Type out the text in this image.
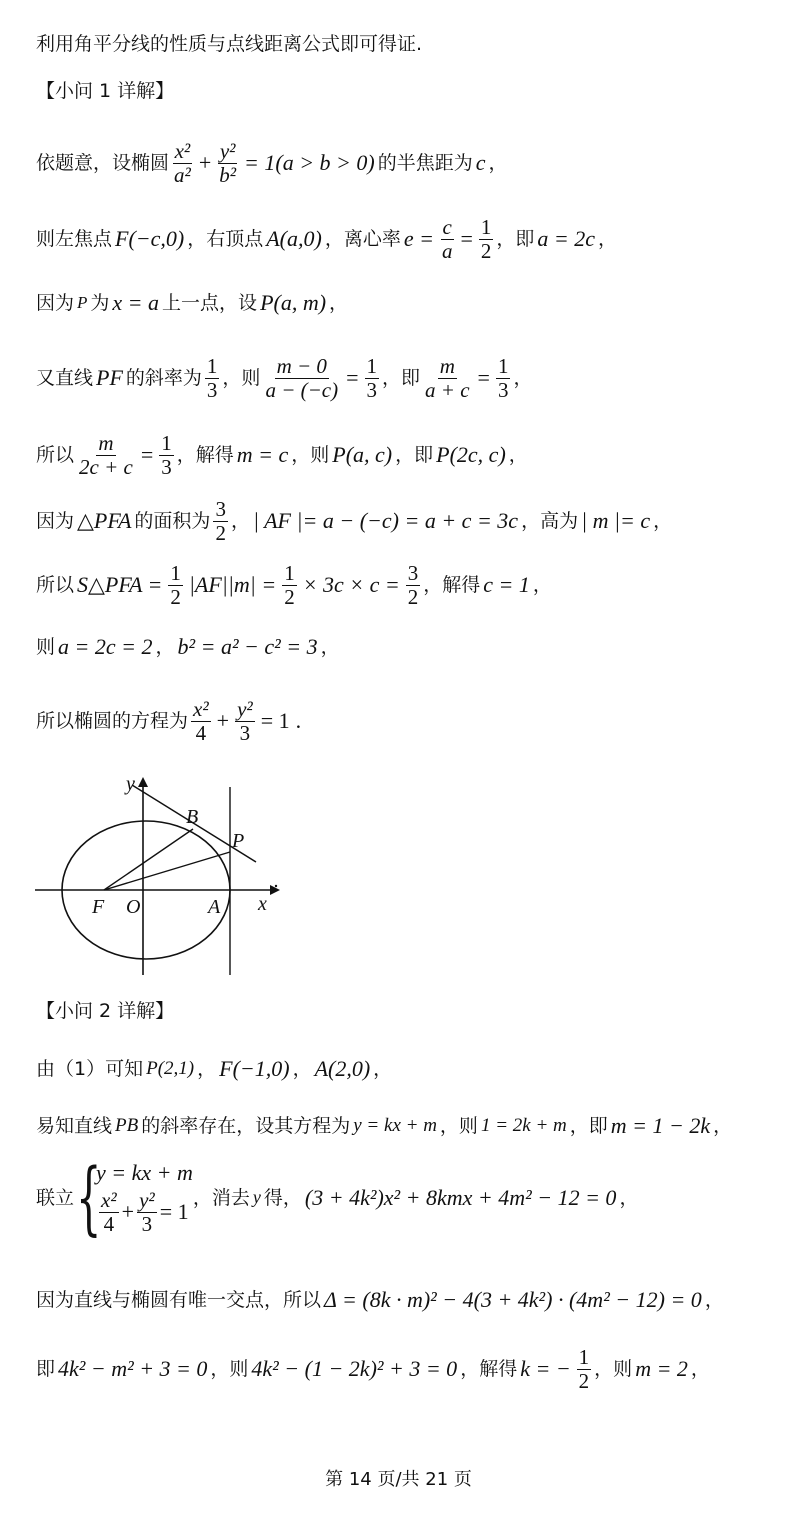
利用角平分线的性质与点线距离公式即可得证.
【小问 1 详解】
依题意，设椭圆 $\frac{\text{x²}}{\text{a²}} + \frac{\text{y²}}{\text{b²}} = 1(a > b > 0)$ 的半焦距为 c ，
则左焦点 F(−c,0) ，右顶点 A(a,0) ，离心率 $e = \frac{c}{a} = \frac{1}{2}$ ，即 a = 2c ，
因为 P 为 x = a 上一点，设 P(a, m) ，
又直线 PF 的斜率为 $\frac{1}{3}$ ，则 $\frac{m - 0}{a - (-c)} = \frac{1}{3}$ ，即 $\frac{m}{a + c} = \frac{1}{3}$ ，
所以 $\frac{m}{2c + c} = \frac{1}{3}$ ，解得 m = c ，则 P(a, c) ，即 P(2c, c) ，
因为 △PFA 的面积为 $\frac{3}{2}$ ， | AF |= a − (−c) = a + c = 3c ，高为 | m |= c ，
所以 S△PFA = $\frac{1}{2} |AF||m| = \frac{1}{2} \times 3c \times c = \frac{3}{2}$ ，解得 c = 1 ，
则 a = 2c = 2 ， b² = a² − c² = 3 ，
所以椭圆的方程为 $\frac{\text{x²}}{4} + \frac{\text{y²}}{3} = 1$ .
y
x
B
P
F O	A
【小问 2 详解】
由（1）可知 P(2,1) ， F(−1,0) ， A(2,0) ，
易知直线 PB 的斜率存在，设其方程为 y = kx + m ，则 1 = 2k + m ，即 m = 1 − 2k ，
联立 {
y = kx + m
$\frac{\text{x²}}{4} + \frac{\text{y²}}{3} = 1$
，消去 y 得， (3 + 4k²)x² + 8kmx + 4m² − 12 = 0 ，
因为直线与椭圆有唯一交点，所以 Δ = (8k · m)² − 4(3 + 4k²) · (4m² − 12) = 0 ，
即 4k² − m² + 3 = 0 ，则 4k² − (1 − 2k)² + 3 = 0 ，解得 k = − $\frac{1}{2}$ ，则 m = 2 ，
第 14 页/共 21 页
